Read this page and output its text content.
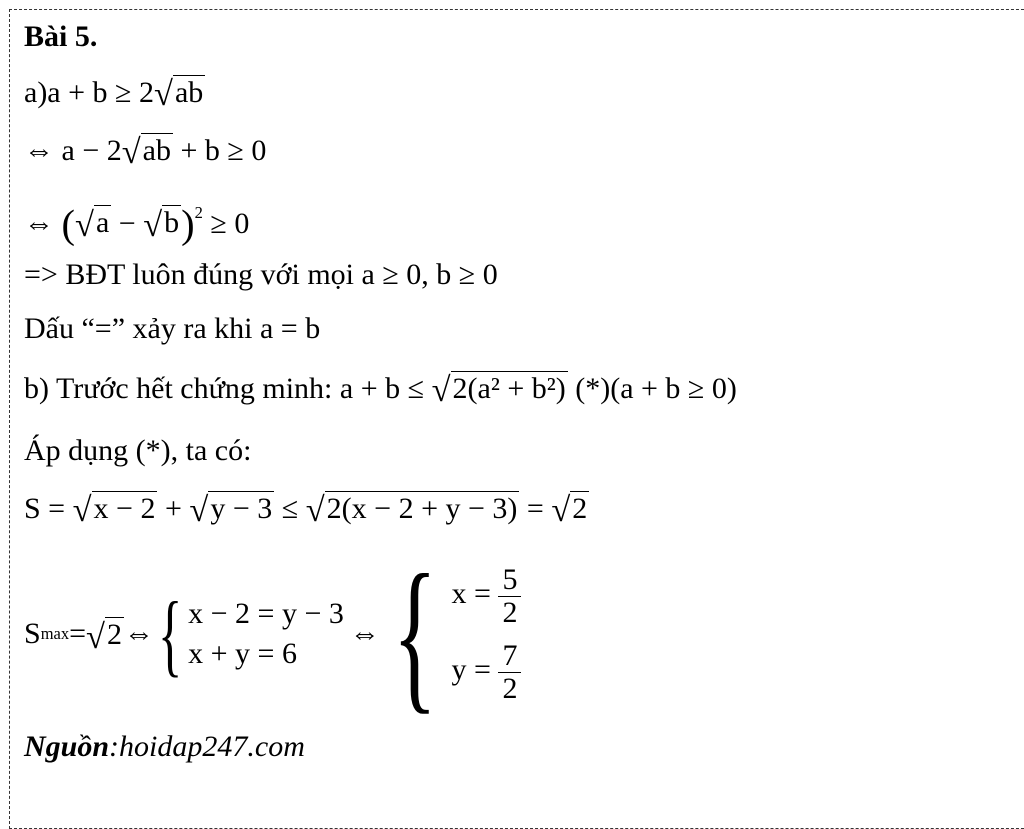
Bài 5.
a)a + b ≥ 2 √ ab
⇔ a − 2 √ ab + b ≥ 0
⇔ ( √ a − √ b )$^2$ ≥ 0
=> BĐT luôn đúng với mọi a ≥ 0, b ≥ 0
Dấu “=” xảy ra khi a = b
b) Trước hết chứng minh: a + b ≤ √ 2(a² + b²) (*)(a + b ≥ 0)
Áp dụng (*), ta có:
S = √ x − 2 + √ y − 3 ≤ √ 2(x − 2 + y − 3) = √ 2
S max = √ 2 ⇔ { x − 2 = y − 3
x + y = 6
⇔ { $x = \frac{5}{2}$
$y = \frac{7}{2}$
Nguồn:hoidap247.com
